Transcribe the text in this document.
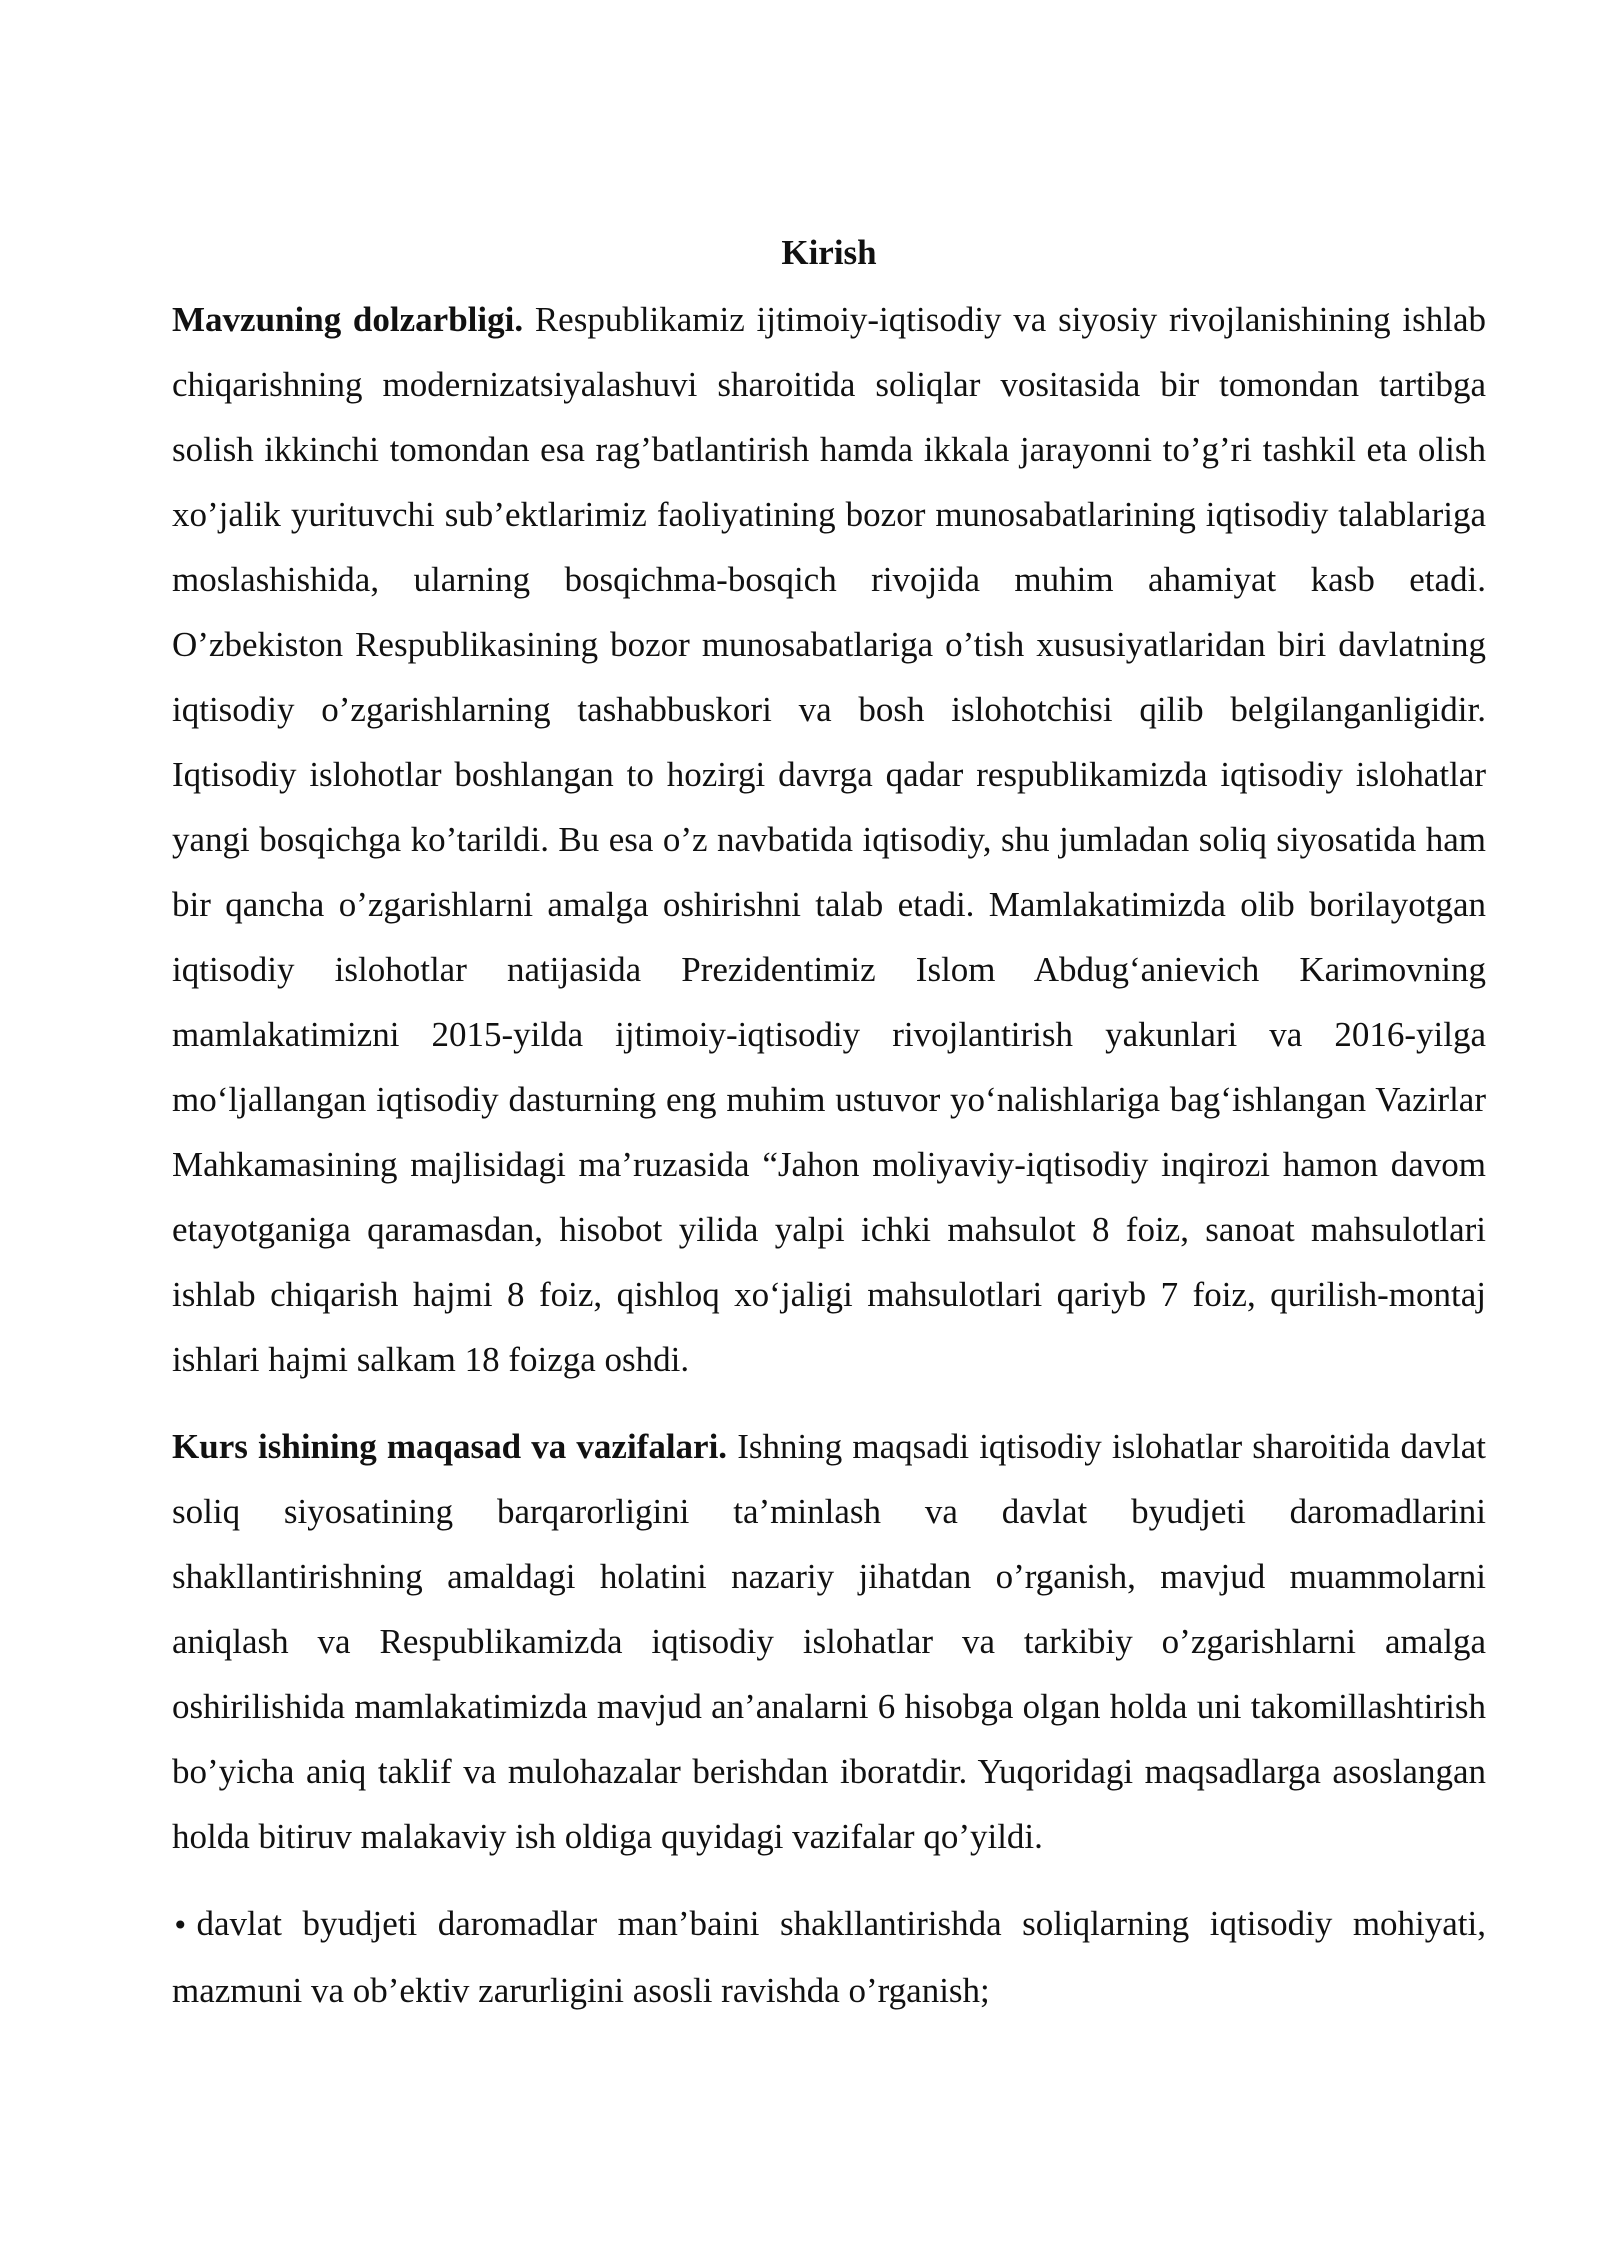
Kirish

Mavzuning dolzarbligi. Respublikamiz ijtimoiy-iqtisodiy va siyosiy rivojlanishining ishlab chiqarishning modernizatsiyalashuvi sharoitida soliqlar vositasida bir tomondan tartibga solish ikkinchi tomondan esa rag’batlantirish hamda ikkala jarayonni to’g’ri tashkil eta olish xo’jalik yurituvchi sub’ektlarimiz faoliyatining bozor munosabatlarining iqtisodiy talablariga moslashishida, ularning bosqichma-bosqich rivojida muhim ahamiyat kasb etadi. O’zbekiston Respublikasining bozor munosabatlariga o’tish xususiyatlaridan biri davlatning iqtisodiy o’zgarishlarning tashabbuskori va bosh islohotchisi qilib belgilanganligidir. Iqtisodiy islohotlar boshlangan to hozirgi davrga qadar respublikamizda iqtisodiy islohatlar yangi bosqichga ko’tarildi. Bu esa o’z navbatida iqtisodiy, shu jumladan soliq siyosatida ham bir qancha o’zgarishlarni amalga oshirishni talab etadi. Mamlakatimizda olib borilayotgan iqtisodiy islohotlar natijasida Prezidentimiz Islom Abdug‘anievich Karimovning mamlakatimizni 2015-yilda ijtimoiy-iqtisodiy rivojlantirish yakunlari va 2016-yilga mo‘ljallangan iqtisodiy dasturning eng muhim ustuvor yo‘nalishlariga bag‘ishlangan Vazirlar Mahkamasining majlisidagi ma’ruzasida “Jahon moliyaviy-iqtisodiy inqirozi hamon davom etayotganiga qaramasdan, hisobot yilida yalpi ichki mahsulot 8 foiz, sanoat mahsulotlari ishlab chiqarish hajmi 8 foiz, qishloq xo‘jaligi mahsulotlari qariyb 7 foiz, qurilish-montaj ishlari hajmi salkam 18 foizga oshdi.

Kurs ishining maqasad va vazifalari. Ishning maqsadi iqtisodiy islohatlar sharoitida davlat soliq siyosatining barqarorligini ta’minlash va davlat byudjeti daromadlarini shakllantirishning amaldagi holatini nazariy jihatdan o’rganish, mavjud muammolarni aniqlash va Respublikamizda iqtisodiy islohatlar va tarkibiy o’zgarishlarni amalga oshirilishida mamlakatimizda mavjud an’analarni 6 hisobga olgan holda uni takomillashtirish bo’yicha aniq taklif va mulohazalar berishdan iboratdir. Yuqoridagi maqsadlarga asoslangan holda bitiruv malakaviy ish oldiga quyidagi vazifalar qo’yildi.

• davlat byudjeti daromadlar man’baini shakllantirishda soliqlarning iqtisodiy mohiyati, mazmuni va ob’ektiv zarurligini asosli ravishda o’rganish;
